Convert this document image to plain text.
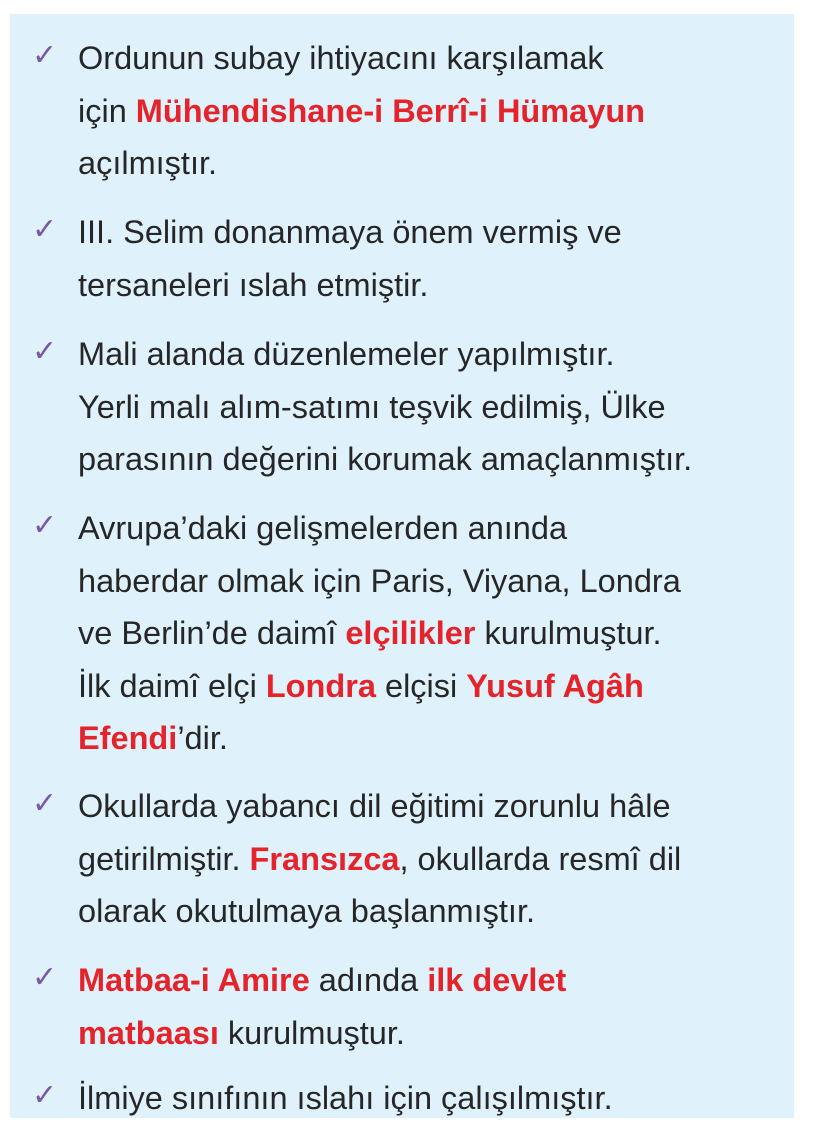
✓ Ordunun subay ihtiyacını karşılamak
için Mühendishane-i Berrî-i Hümayun
açılmıştır.
✓ III. Selim donanmaya önem vermiş ve
tersaneleri ıslah etmiştir.
✓ Mali alanda düzenlemeler yapılmıştır.
Yerli malı alım-satımı teşvik edilmiş, Ülke
parasının değerini korumak amaçlanmıştır.
✓ Avrupa’daki gelişmelerden anında
haberdar olmak için Paris, Viyana, Londra
ve Berlin’de daimî elçilikler kurulmuştur.
İlk daimî elçi Londra elçisi Yusuf Agâh
Efendi’dir.
✓ Okullarda yabancı dil eğitimi zorunlu hâle
getirilmiştir. Fransızca, okullarda resmî dil
olarak okutulmaya başlanmıştır.
✓ Matbaa-i Amire adında ilk devlet
matbaası kurulmuştur.
✓ İlmiye sınıfının ıslahı için çalışılmıştır.
